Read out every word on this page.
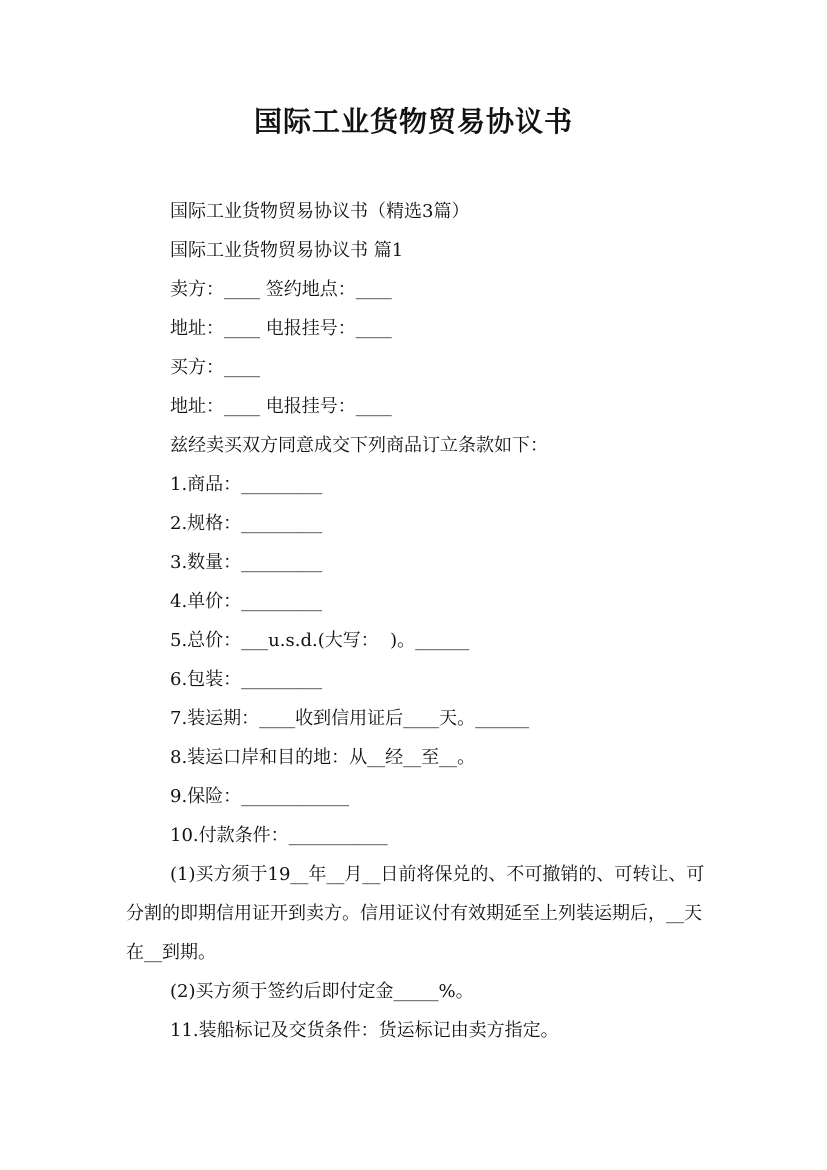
国际工业货物贸易协议书

国际工业货物贸易协议书（精选3篇）

国际工业货物贸易协议书 篇1

卖方：____ 签约地点：____

地址：____ 电报挂号：____

买方：____

地址：____ 电报挂号：____

兹经卖买双方同意成交下列商品订立条款如下：

1.商品：_________

2.规格：_________

3.数量：_________

4.单价：_________

5.总价：___u.s.d.(大写：  )。______

6.包装：_________

7.装运期：____收到信用证后____天。______

8.装运口岸和目的地：从__经__至__。

9.保险：____________

10.付款条件：___________

(1)买方须于19__年__月__日前将保兑的、不可撤销的、可转让、可分割的即期信用证开到卖方。信用证议付有效期延至上列装运期后，__天在__到期。

(2)买方须于签约后即付定金_____%。

11.装船标记及交货条件：货运标记由卖方指定。
